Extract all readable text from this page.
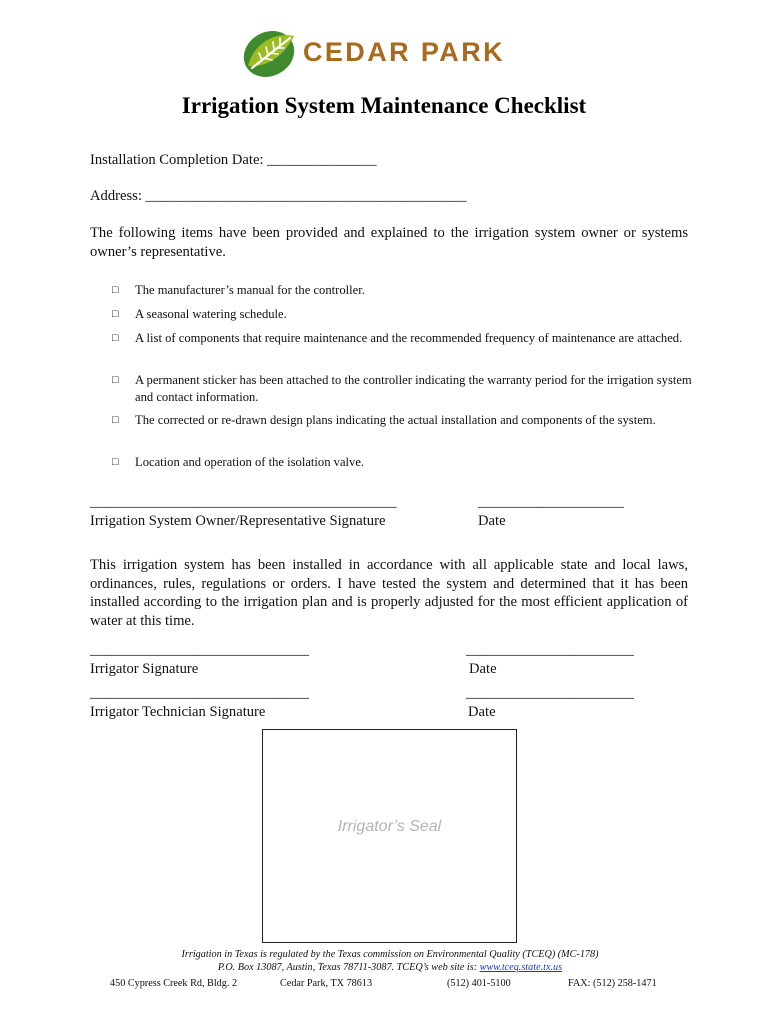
CEDAR PARK
Irrigation System Maintenance Checklist
Installation Completion Date: _______________
Address: ____________________________________________
The following items have been provided and explained to the irrigation system owner or systems owner’s representative.
□ The manufacturer’s manual for the controller.
□ A seasonal watering schedule.
□ A list of components that require maintenance and the recommended frequency of maintenance are attached.
□ A permanent sticker has been attached to the controller indicating the warranty period for the irrigation system and contact information.
□ The corrected or re-drawn design plans indicating the actual installation and components of the system.
□ Location and operation of the isolation valve.
__________________________________________	____________________
Irrigation System Owner/Representative Signature	Date
This irrigation system has been installed in accordance with all applicable state and local laws, ordinances, rules, regulations or orders. I have tested the system and determined that it has been installed according to the irrigation plan and is properly adjusted for the most efficient application of water at this time.
______________________________	_______________________
Irrigator Signature	Date
______________________________	_______________________
Irrigator Technician Signature	Date
Irrigator’s Seal
Irrigation in Texas is regulated by the Texas commission on Environmental Quality (TCEQ) (MC-178)
P.O. Box 13087, Austin, Texas 78711-3087. TCEQ’s web site is: www.tceq.state.tx.us
450 Cypress Creek Rd, Bldg. 2	Cedar Park, TX 78613	(512) 401-5100	FAX: (512) 258-1471
